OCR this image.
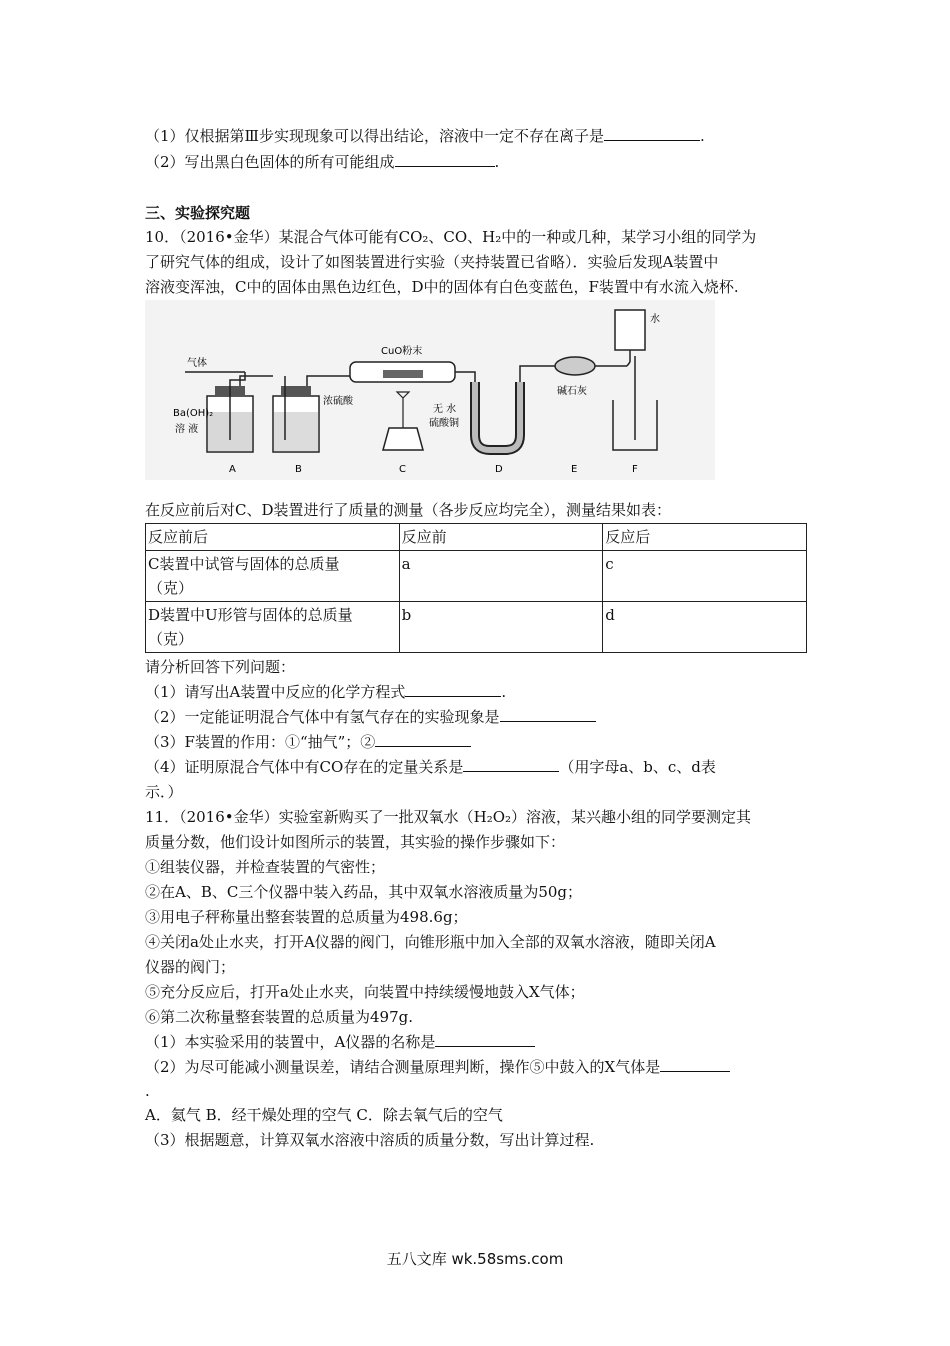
（1）仅根据第Ⅲ步实现现象可以得出结论，溶液中一定不存在离子是	.
（2）写出黑白色固体的所有可能组成	.
三、实验探究题
10．（2016•金华）某混合气体可能有CO₂、CO、H₂中的一种或几种，某学习小组的同学为
了研究气体的组成，设计了如图装置进行实验（夹持装置已省略）．实验后发现A装置中
溶液变浑浊，C中的固体由黑色边红色，D中的固体有白色变蓝色，F装置中有水流入烧杯.
气体
Ba(OH)₂
溶 液
浓硫酸
CuO粉末
无 水
硫酸铜
碱石灰
水
A	B	C	D	E	F
在反应前后对C、D装置进行了质量的测量（各步反应均完全），测量结果如表：
反应前后	反应前	反应后
C装置中试管与固体的总质量
（克）	a	c
D装置中U形管与固体的总质量
（克）	b	d
请分析回答下列问题：
（1）请写出A装置中反应的化学方程式	.
（2）一定能证明混合气体中有氢气存在的实验现象是
（3）F装置的作用：①“抽气”；②
（4）证明原混合气体中有CO存在的定量关系是	（用字母a、b、c、d表
示．）
11．（2016•金华）实验室新购买了一批双氧水（H₂O₂）溶液，某兴趣小组的同学要测定其
质量分数，他们设计如图所示的装置，其实验的操作步骤如下：
①组装仪器，并检查装置的气密性；
②在A、B、C三个仪器中装入药品，其中双氧水溶液质量为50g；
③用电子秤称量出整套装置的总质量为498.6g；
④关闭a处止水夹，打开A仪器的阀门，向锥形瓶中加入全部的双氧水溶液，随即关闭A
仪器的阀门；
⑤充分反应后，打开a处止水夹，向装置中持续缓慢地鼓入X气体；
⑥第二次称量整套装置的总质量为497g.
（1）本实验采用的装置中，A仪器的名称是
（2）为尽可能减小测量误差，请结合测量原理判断，操作⑤中鼓入的X气体是
.
A．氦气 B．经干燥处理的空气 C．除去氧气后的空气
（3）根据题意，计算双氧水溶液中溶质的质量分数，写出计算过程.
五八文库 wk.58sms.com
